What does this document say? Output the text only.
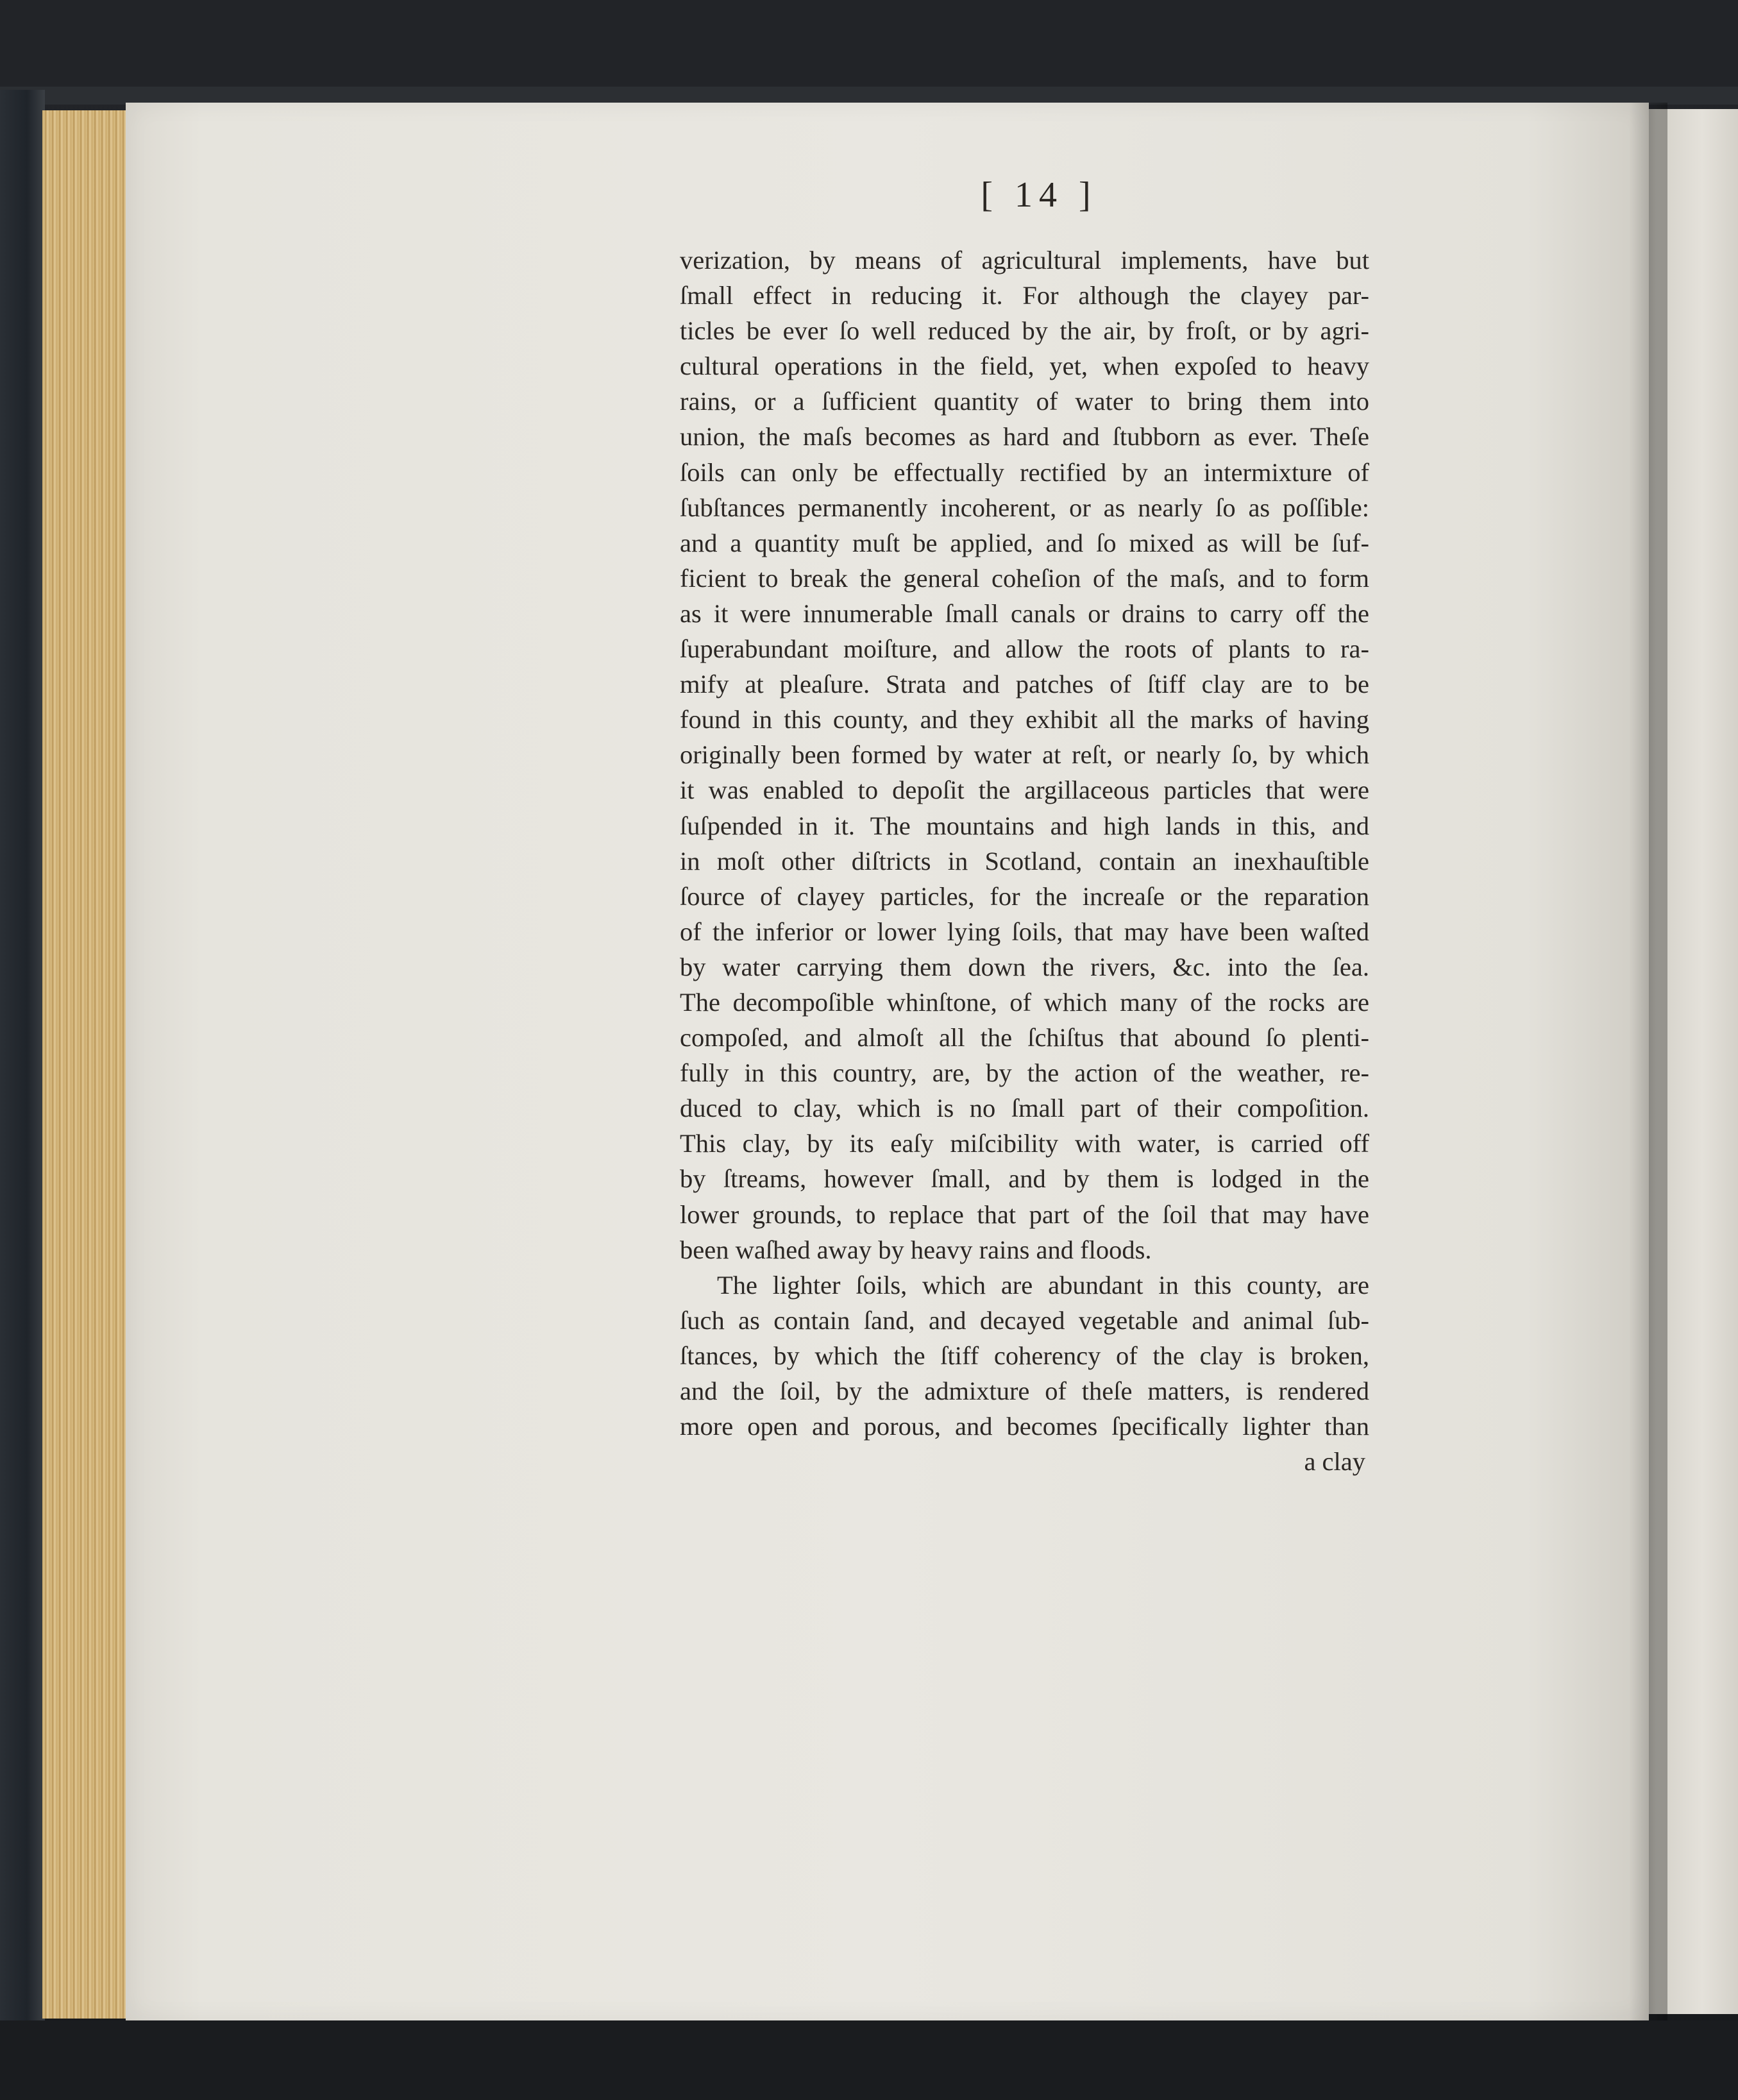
[ 14 ]
verization, by means of agricultural implements, have but
ſmall effect in reducing it. For although the clayey par-
ticles be ever ſo well reduced by the air, by froſt, or by agri-
cultural operations in the field, yet, when expoſed to heavy
rains, or a ſufficient quantity of water to bring them into
union, the maſs becomes as hard and ſtubborn as ever. Theſe
ſoils can only be effectually rectified by an intermixture of
ſubſtances permanently incoherent, or as nearly ſo as poſſible:
and a quantity muſt be applied, and ſo mixed as will be ſuf-
ficient to break the general coheſion of the maſs, and to form
as it were innumerable ſmall canals or drains to carry off the
ſuperabundant moiſture, and allow the roots of plants to ra-
mify at pleaſure. Strata and patches of ſtiff clay are to be
found in this county, and they exhibit all the marks of having
originally been formed by water at reſt, or nearly ſo, by which
it was enabled to depoſit the argillaceous particles that were
ſuſpended in it. The mountains and high lands in this, and
in moſt other diſtricts in Scotland, contain an inexhauſtible
ſource of clayey particles, for the increaſe or the reparation
of the inferior or lower lying ſoils, that may have been waſted
by water carrying them down the rivers, &c. into the ſea.
The decompoſible whinſtone, of which many of the rocks are
compoſed, and almoſt all the ſchiſtus that abound ſo plenti-
fully in this country, are, by the action of the weather, re-
duced to clay, which is no ſmall part of their compoſition.
This clay, by its eaſy miſcibility with water, is carried off
by ſtreams, however ſmall, and by them is lodged in the
lower grounds, to replace that part of the ſoil that may have
been waſhed away by heavy rains and floods.
The lighter ſoils, which are abundant in this county, are
ſuch as contain ſand, and decayed vegetable and animal ſub-
ſtances, by which the ſtiff coherency of the clay is broken,
and the ſoil, by the admixture of theſe matters, is rendered
more open and porous, and becomes ſpecifically lighter than
a clay
